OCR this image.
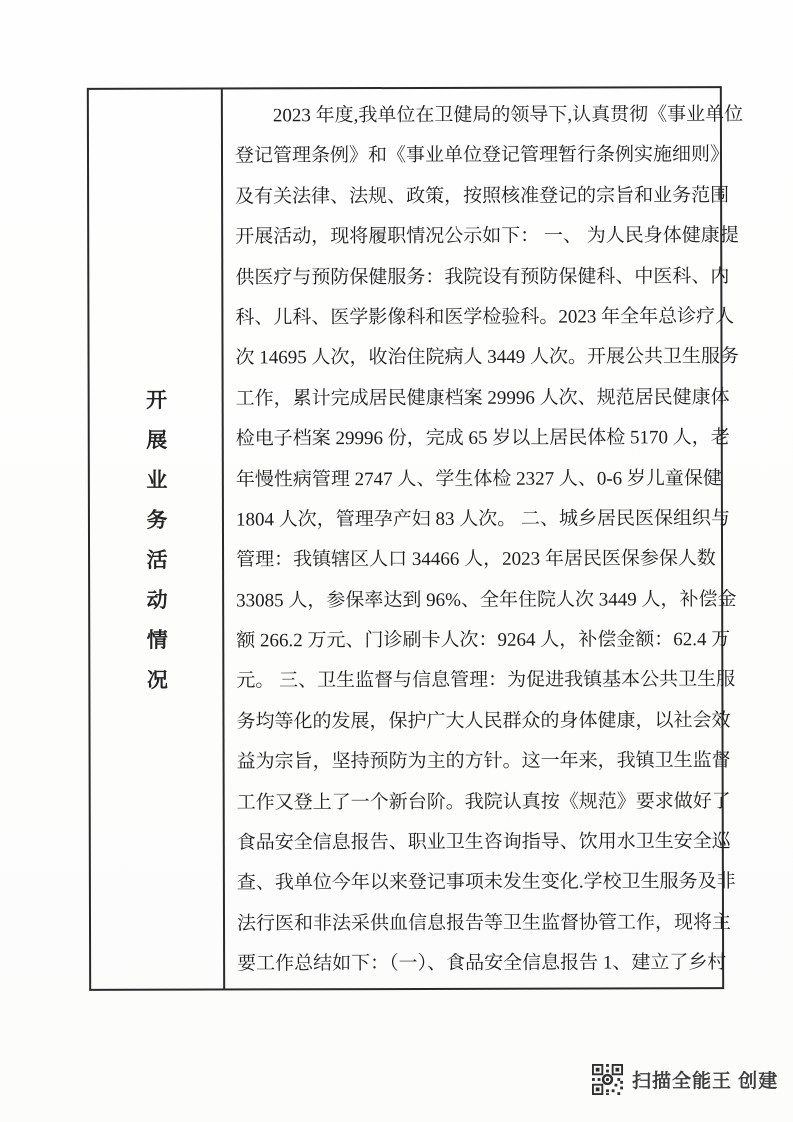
开展业务活动情况
2023 年度,我单位在卫健局的领导下,认真贯彻《事业单位
登记管理条例》和《事业单位登记管理暂行条例实施细则》
及有关法律、法规、政策，按照核准登记的宗旨和业务范围
开展活动，现将履职情况公示如下： 一、 为人民身体健康提
供医疗与预防保健服务：我院设有预防保健科、中医科、内
科、儿科、医学影像科和医学检验科。2023 年全年总诊疗人
次 14695 人次，收治住院病人 3449 人次。开展公共卫生服务
工作，累计完成居民健康档案 29996 人次、规范居民健康体
检电子档案 29996 份，完成 65 岁以上居民体检 5170 人，老
年慢性病管理 2747 人、学生体检 2327 人、0-6 岁儿童保健
1804 人次，管理孕产妇 83 人次。 二、城乡居民医保组织与
管理：我镇辖区人口 34466 人，2023 年居民医保参保人数
33085 人，参保率达到 96%、全年住院人次 3449 人，补偿金
额 266.2 万元、门诊刷卡人次：9264 人，补偿金额：62.4 万
元。 三、卫生监督与信息管理：为促进我镇基本公共卫生服
务均等化的发展，保护广大人民群众的身体健康，以社会效
益为宗旨，坚持预防为主的方针。这一年来，我镇卫生监督
工作又登上了一个新台阶。我院认真按《规范》要求做好了
食品安全信息报告、职业卫生咨询指导、饮用水卫生安全巡
查、我单位今年以来登记事项未发生变化.学校卫生服务及非
法行医和非法采供血信息报告等卫生监督协管工作，现将主
要工作总结如下：（一）、食品安全信息报告 1、建立了乡村
扫描全能王 创建
